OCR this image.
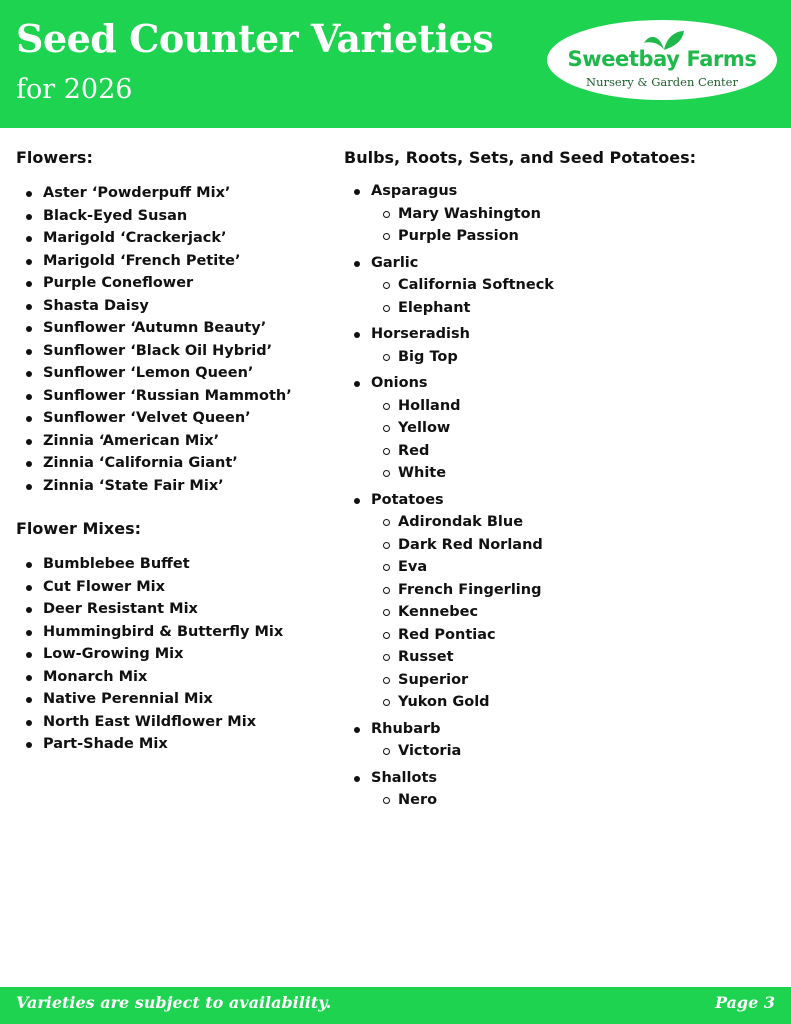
Seed Counter Varieties
for 2026
Sweetbay Farms
Nursery & Garden Center
Flowers:
Aster ‘Powderpuff Mix’
Black-Eyed Susan
Marigold ‘Crackerjack’
Marigold ‘French Petite’
Purple Coneflower
Shasta Daisy
Sunflower ‘Autumn Beauty’
Sunflower ‘Black Oil Hybrid’
Sunflower ‘Lemon Queen’
Sunflower ‘Russian Mammoth’
Sunflower ‘Velvet Queen’
Zinnia ‘American Mix’
Zinnia ‘California Giant’
Zinnia ‘State Fair Mix’
Flower Mixes:
Bumblebee Buffet
Cut Flower Mix
Deer Resistant Mix
Hummingbird & Butterfly Mix
Low-Growing Mix
Monarch Mix
Native Perennial Mix
North East Wildflower Mix
Part-Shade Mix
Bulbs, Roots, Sets, and Seed Potatoes:
Asparagus
Mary Washington
Purple Passion
Garlic
California Softneck
Elephant
Horseradish
Big Top
Onions
Holland
Yellow
Red
White
Potatoes
Adirondak Blue
Dark Red Norland
Eva
French Fingerling
Kennebec
Red Pontiac
Russet
Superior
Yukon Gold
Rhubarb
Victoria
Shallots
Nero
Varieties are subject to availability.	Page 3
